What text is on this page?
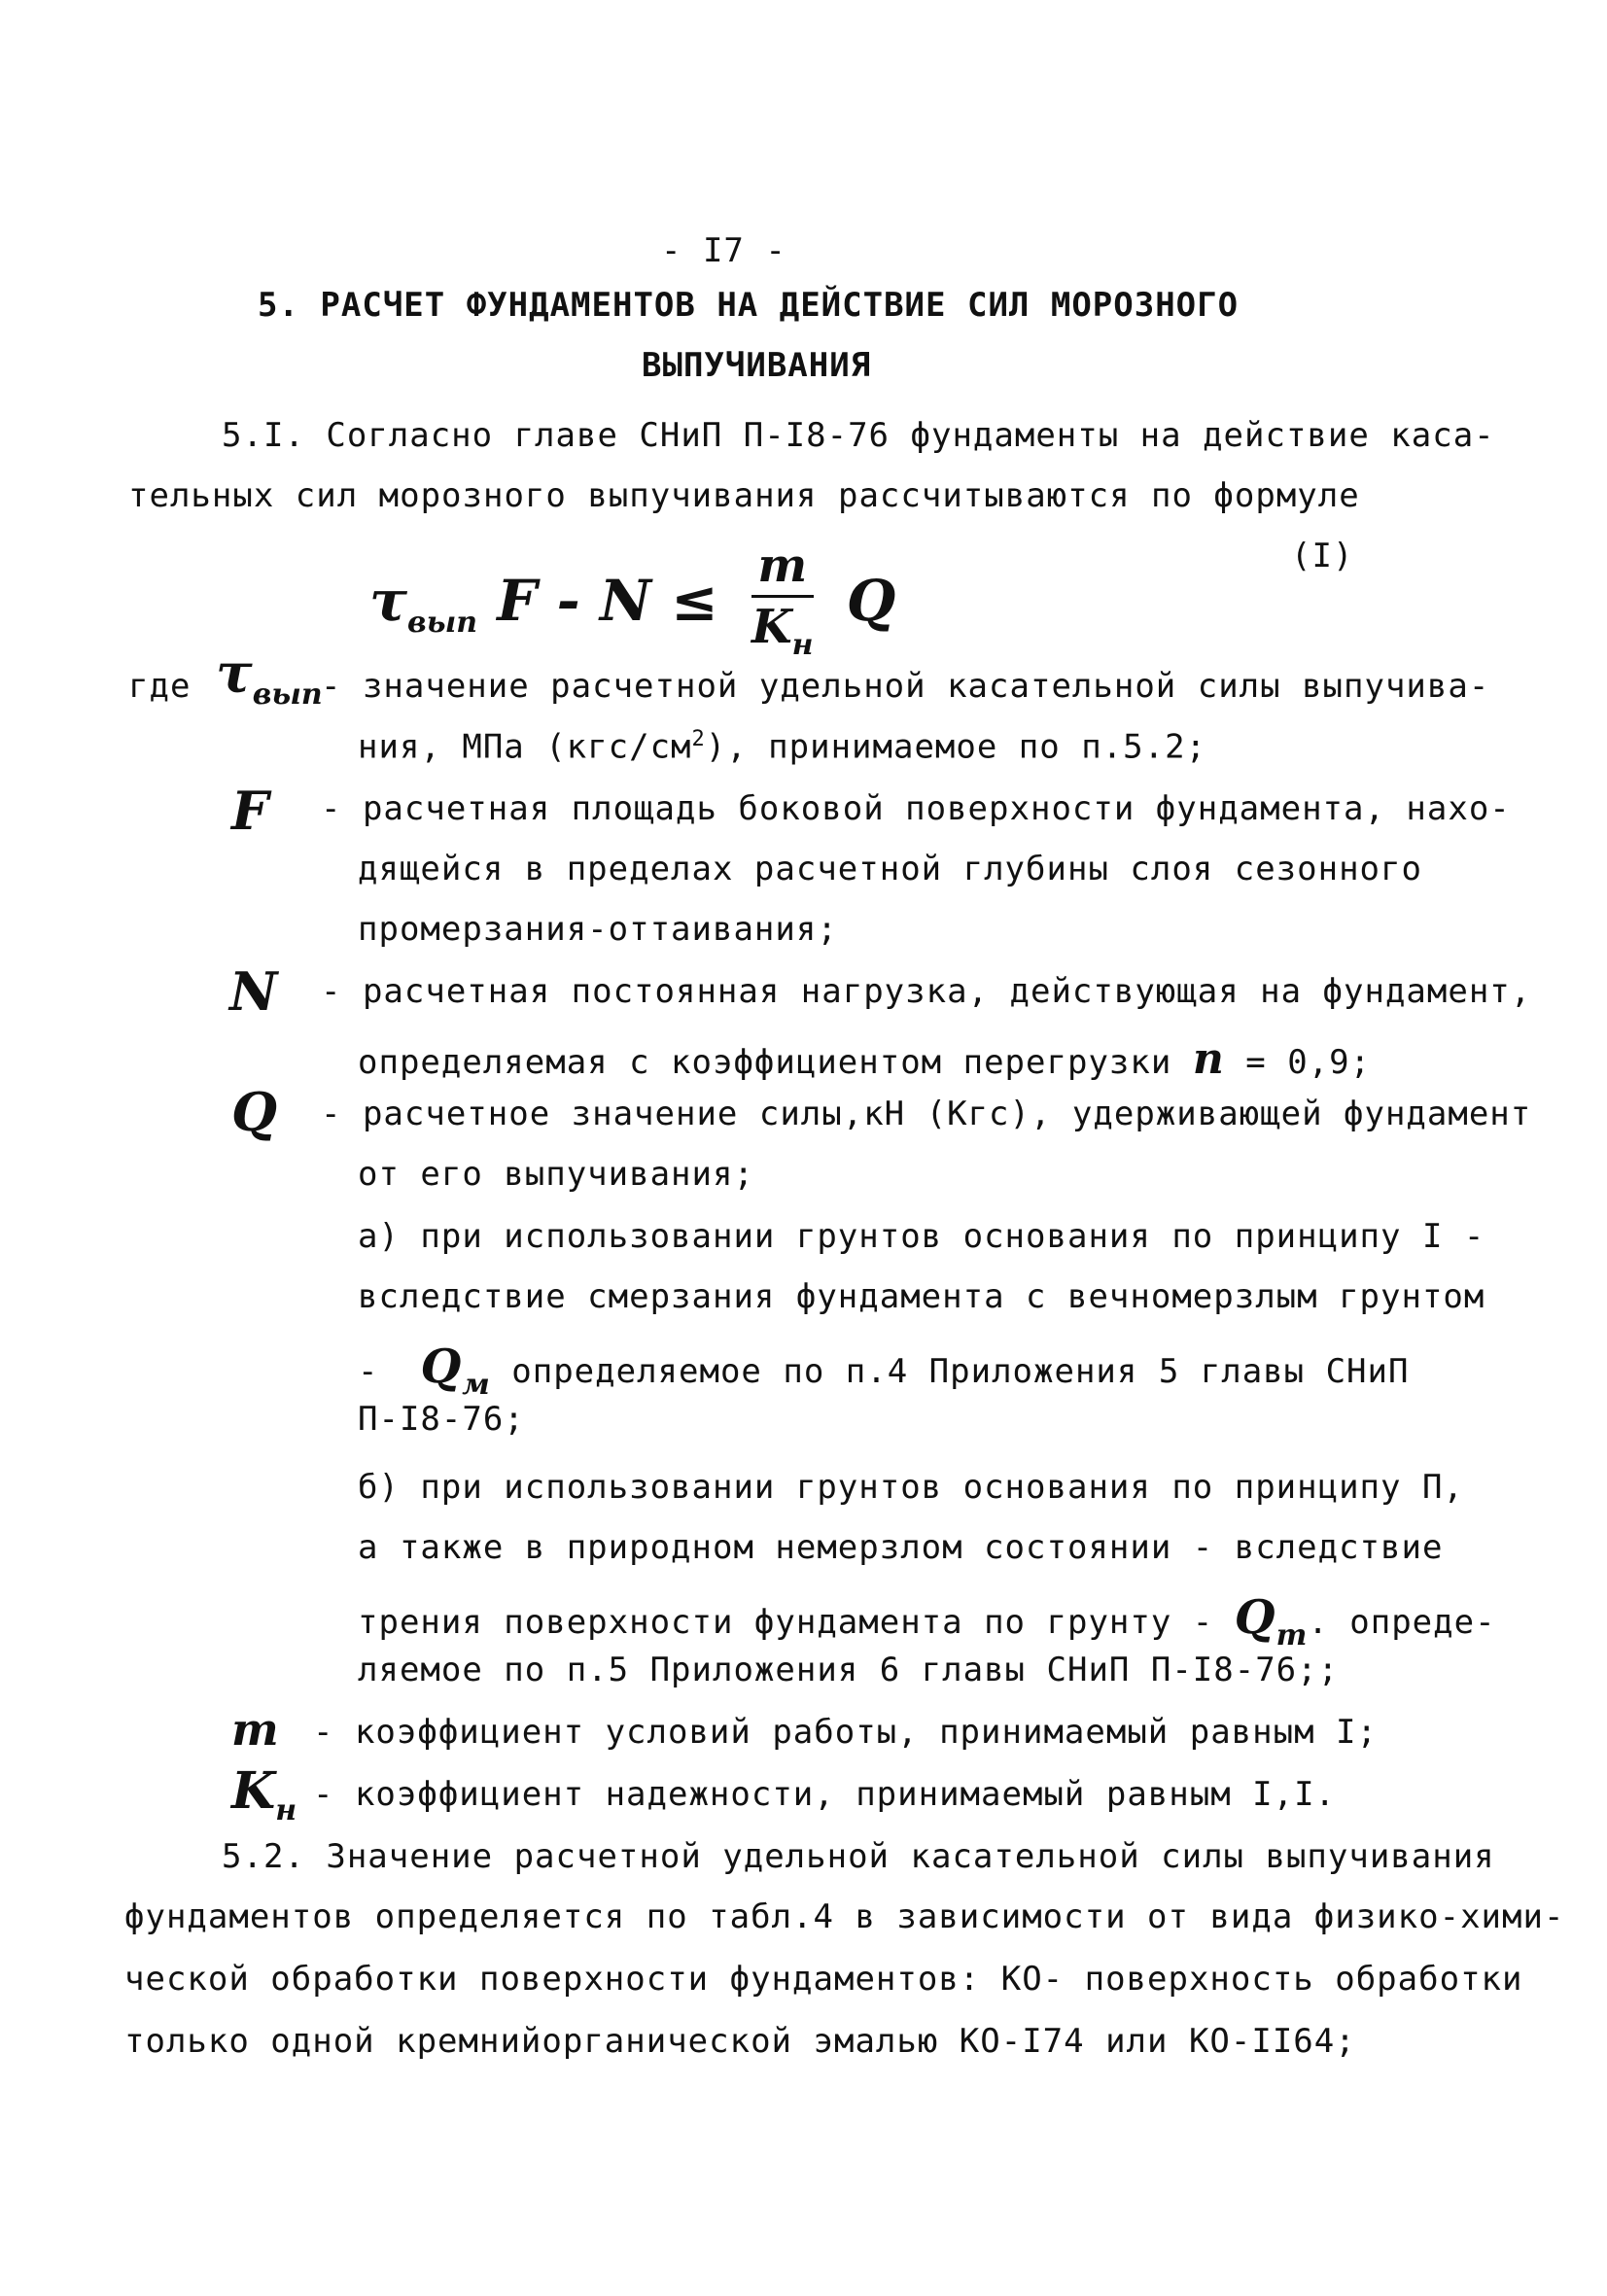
- I7 -
5. РАСЧЕТ ФУНДАМЕНТОВ НА ДЕЙСТВИЕ СИЛ МОРОЗНОГО
ВЫПУЧИВАНИЯ
5.I. Согласно главе СНиП П-I8-76 фундаменты на действие каса-
тельных сил морозного выпучивания рассчитываются по формуле
$\tau_{вып}$ $F - N \le \frac{m}{K_н}$ Q
(I)
где $\tau_{вып}$
- значение расчетной удельной касательной силы выпучива-
ния, МПа $(кгс/см^2)$, принимаемое по п.5.2;
F - расчетная площадь боковой поверхности фундамента, нахо-
дящейся в пределах расчетной глубины слоя сезонного
промерзания-оттаивания;
N - расчетная постоянная нагрузка, действующая на фундамент,
определяемая с коэффициентом перегрузки n = 0,9;
Q - расчетное значение силы,кН (Кгс), удерживающей фундамент
от его выпучивания;
а) при использовании грунтов основания по принципу I -
вследствие смерзания фундамента с вечномерзлым грунтом
- $Q_м$ определяемое по п.4 Приложения 5 главы СНиП
П-I8-76;
б) при использовании грунтов основания по принципу П,
а также в природном немерзлом состоянии - вследствие
трения поверхности фундамента по грунту - $Q_т$. опреде-
ляемое по п.5 Приложения 6 главы СНиП П-I8-76;;
m - коэффициент условий работы, принимаемый равным I;
$K_н$ - коэффициент надежности, принимаемый равным I,I.
5.2. Значение расчетной удельной касательной силы выпучивания
фундаментов определяется по табл.4 в зависимости от вида физико-хими-
ческой обработки поверхности фундаментов: КО- поверхность обработки
только одной кремнийорганической эмалью КО-I74 или КО-II64;
